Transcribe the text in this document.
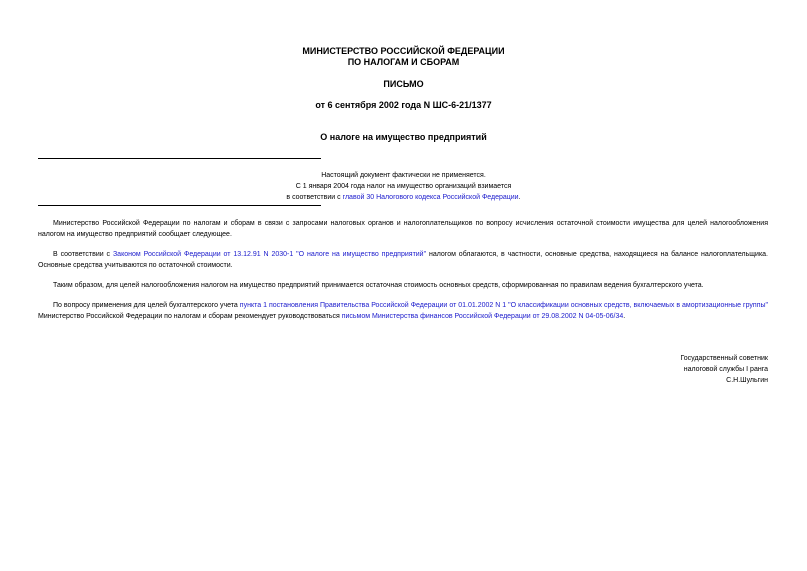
МИНИСТЕРСТВО РОССИЙСКОЙ ФЕДЕРАЦИИ
ПО НАЛОГАМ И СБОРАМ
ПИСЬМО
от 6 сентября 2002 года N ШС-6-21/1377
О налоге на имущество предприятий
Настоящий документ фактически не применяется.
С 1 января 2004 года налог на имущество организаций взимается
в соответствии с главой 30 Налогового кодекса Российской Федерации.
Министерство Российской Федерации по налогам и сборам в связи с запросами налоговых органов и налогоплательщиков по вопросу исчисления остаточной стоимости имущества для целей налогообложения налогом на имущество предприятий сообщает следующее.
В соответствии с Законом Российской Федерации от 13.12.91 N 2030-1 "О налоге на имущество предприятий" налогом облагаются, в частности, основные средства, находящиеся на балансе налогоплательщика. Основные средства учитываются по остаточной стоимости.
Таким образом, для целей налогообложения налогом на имущество предприятий принимается остаточная стоимость основных средств, сформированная по правилам ведения бухгалтерского учета.
По вопросу применения для целей бухгалтерского учета пункта 1 постановления Правительства Российской Федерации от 01.01.2002 N 1 "О классификации основных средств, включаемых в амортизационные группы" Министерство Российской Федерации по налогам и сборам рекомендует руководствоваться письмом Министерства финансов Российской Федерации от 29.08.2002 N 04-05-06/34.
Государственный советник
налоговой службы I ранга
С.Н.Шульгин
